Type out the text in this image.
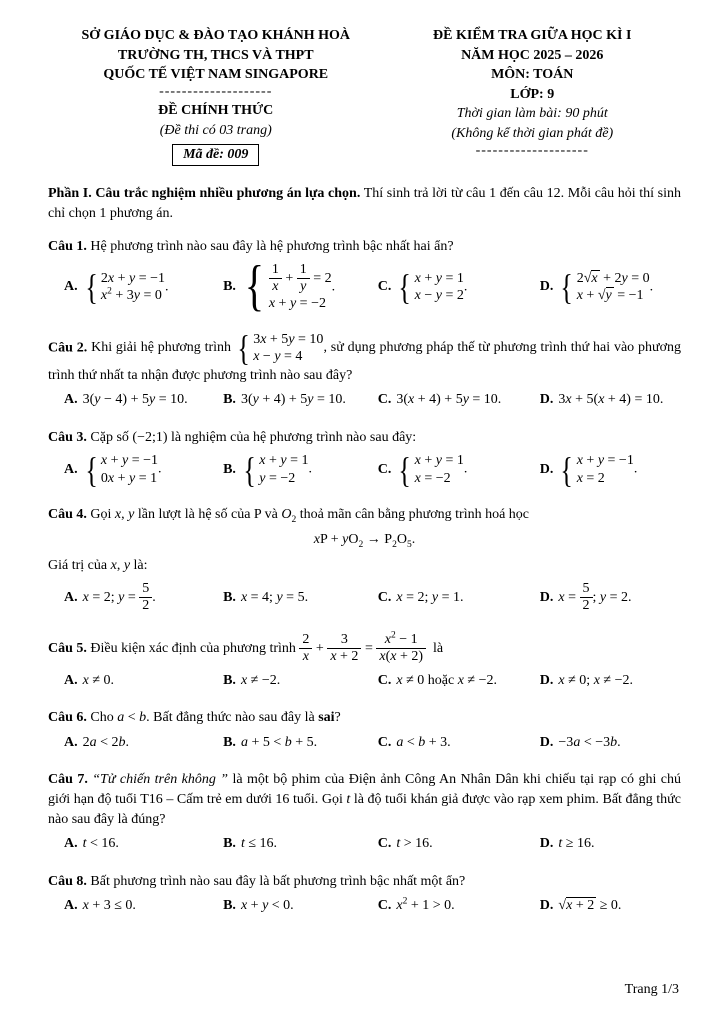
SỞ GIÁO DỤC & ĐÀO TẠO KHÁNH HOÀ
TRƯỜNG TH, THCS VÀ THPT
QUỐC TẾ VIỆT NAM SINGAPORE
--------------------
ĐỀ CHÍNH THỨC
(Đề thi có 03 trang)
Mã đề: 009
ĐỀ KIỂM TRA GIỮA HỌC KÌ I
NĂM HỌC 2025 – 2026
MÔN: TOÁN
LỚP: 9
Thời gian làm bài: 90 phút
(Không kể thời gian phát đề)
--------------------

Phần I. Câu trắc nghiệm nhiều phương án lựa chọn. Thí sinh trả lời từ câu 1 đến câu 12. Mỗi câu hỏi thí sinh chỉ chọn 1 phương án.

Câu 1. Hệ phương trình nào sau đây là hệ phương trình bậc nhất hai ẩn?

A. { 2x + y = −1
$x^2 + 3y = 0$
.	B. { $\frac{1}{x} + \frac{1}{y} = 2$
x + y = −2
.	C. { x + y = 1
x − y = 2
.	D. { 2√x + 2y = 0
x + √y = −1
.

Câu 2. Khi giải hệ phương trình { 3x + 5y = 10
x − y = 4
, sử dụng phương pháp thế từ phương trình thứ hai vào phương trình thứ nhất ta nhận được phương trình nào sau đây?

A. 3(y − 4) + 5y = 10.	B. 3(y + 4) + 5y = 10. C. 3(x + 4) + 5y = 10.	D. 3x + 5(x + 4) = 10.

Câu 3. Cặp số (−2;1) là nghiệm của hệ phương trình nào sau đây:

A. { x + y = −1
0x + y = 1
.	B. { x + y = 1
y = −2
.	C. { x + y = 1
x = −2
.	D. { x + y = −1
x = 2
.

Câu 4. Gọi x, y lần lượt là hệ số của P và $O_2$ thoả mãn cân bằng phương trình hoá học

xP + $yO_2 \to P_2O_5$.

Giá trị của x, y là:

A. x = 2; $y = \frac{5}{2}$ .	B. x = 4; y = 5.	C. x = 2; y = 1.	D. $x = \frac{5}{2}$ ; y = 2.

Câu 5. Điều kiện xác định của phương trình $\frac{2}{x} + \frac{3}{x + 2} = \frac{x^2 - 1}{x(x + 2)}$ là

A. x ≠ 0.	B. x ≠ −2.	C. x ≠ 0 hoặc x ≠ −2.	D. x ≠ 0; x ≠ −2.

Câu 6. Cho a < b. Bất đẳng thức nào sau đây là sai?

A. 2a < 2b.	B. a + 5 < b + 5.	C. a < b + 3.	D. −3a < −3b.

Câu 7. “Tử chiến trên không ” là một bộ phim của Điện ảnh Công An Nhân Dân khi chiếu tại rạp có ghi chú giới hạn độ tuổi T16 – Cấm trẻ em dưới 16 tuổi. Gọi t là độ tuổi khán giả được vào rạp xem phim. Bất đẳng thức nào sau đây là đúng?

A. t < 16.	B. t ≤ 16.	C. t > 16.	D. t ≥ 16.

Câu 8. Bất phương trình nào sau đây là bất phương trình bậc nhất một ẩn?

A. x + 3 ≤ 0.	B. x + y < 0.	C. $x^2 + 1 > 0$.	D. √x + 2 ≥ 0.
Trang 1/3
